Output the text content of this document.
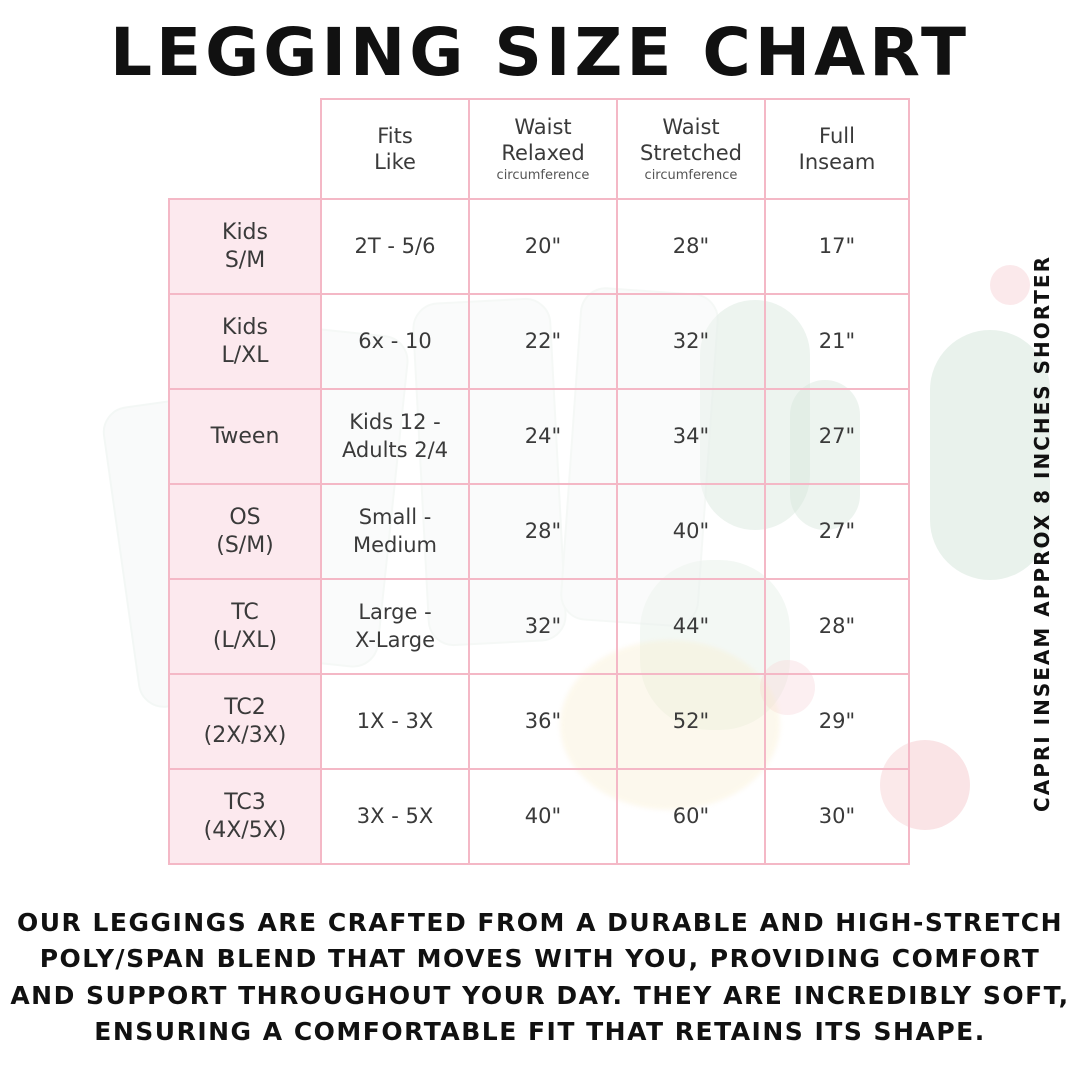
LEGGING SIZE CHART
	Fits
Like	Waist
Relaxed
circumference	Waist
Stretched
circumference	Full
Inseam
Kids
S/M	2T - 5/6	20"	28"	17"
Kids
L/XL	6x - 10	22"	32"	21"
Tween	Kids 12 -
Adults 2/4	24"	34"	27"
OS
(S/M)	Small -
Medium	28"	40"	27"
TC
(L/XL)	Large -
X-Large	32"	44"	28"
TC2
(2X/3X)	1X - 3X	36"	52"	29"
TC3
(4X/5X)	3X - 5X	40"	60"	30"
CAPRI INSEAM APPROX 8 INCHES SHORTER
OUR LEGGINGS ARE CRAFTED FROM A DURABLE AND HIGH-STRETCH
POLY/SPAN BLEND THAT MOVES WITH YOU, PROVIDING COMFORT
AND SUPPORT THROUGHOUT YOUR DAY. THEY ARE INCREDIBLY SOFT,
ENSURING A COMFORTABLE FIT THAT RETAINS ITS SHAPE.
